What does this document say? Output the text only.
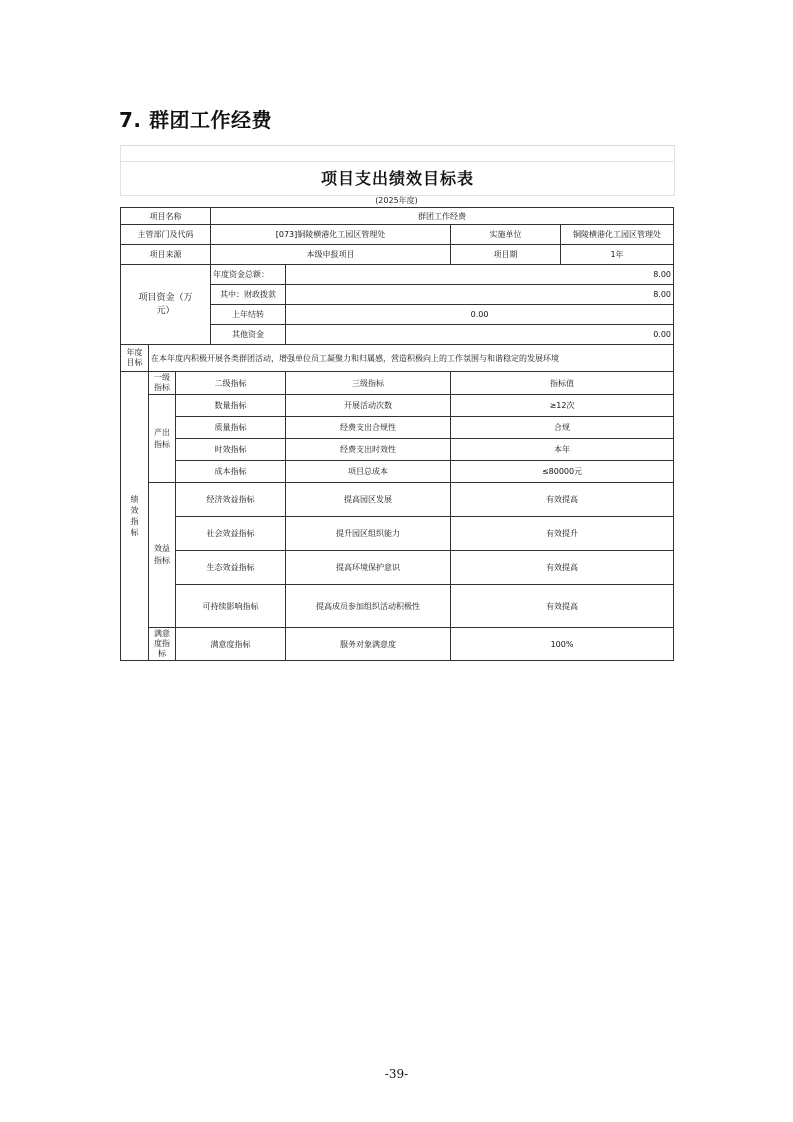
7. 群团工作经费
项目支出绩效目标表
(2025年度)
项目名称			群团工作经费			
主管部门及代码			[073]铜陵横港化工园区管理处		实施单位	铜陵横港化工园区管理处
项目来源			本级申报项目		项目期	1年
项目资金（万元）			年度资金总额：	8.00		
			其中：财政拨款	8.00		
			上年结转	0.00		
			其他资金	0.00		
年度目标	在本年度内积极开展各类群团活动，增强单位员工凝聚力和归属感，营造积极向上的工作氛围与和谐稳定的发展环境					
绩效指标	一级指标	二级指标		三级指标	指标值	
	产出指标	数量指标		开展活动次数	≥12次	
		质量指标		经费支出合规性	合规	
		时效指标		经费支出时效性	本年	
		成本指标		项目总成本	≤80000元	
	效益指标	经济效益指标		提高园区发展	有效提高	
		社会效益指标		提升园区组织能力	有效提升	
		生态效益指标		提高环境保护意识	有效提高	
		可持续影响指标		提高成员参加组织活动积极性	有效提高	
	满意度指标	满意度指标		服务对象满意度	100%	
-39-
